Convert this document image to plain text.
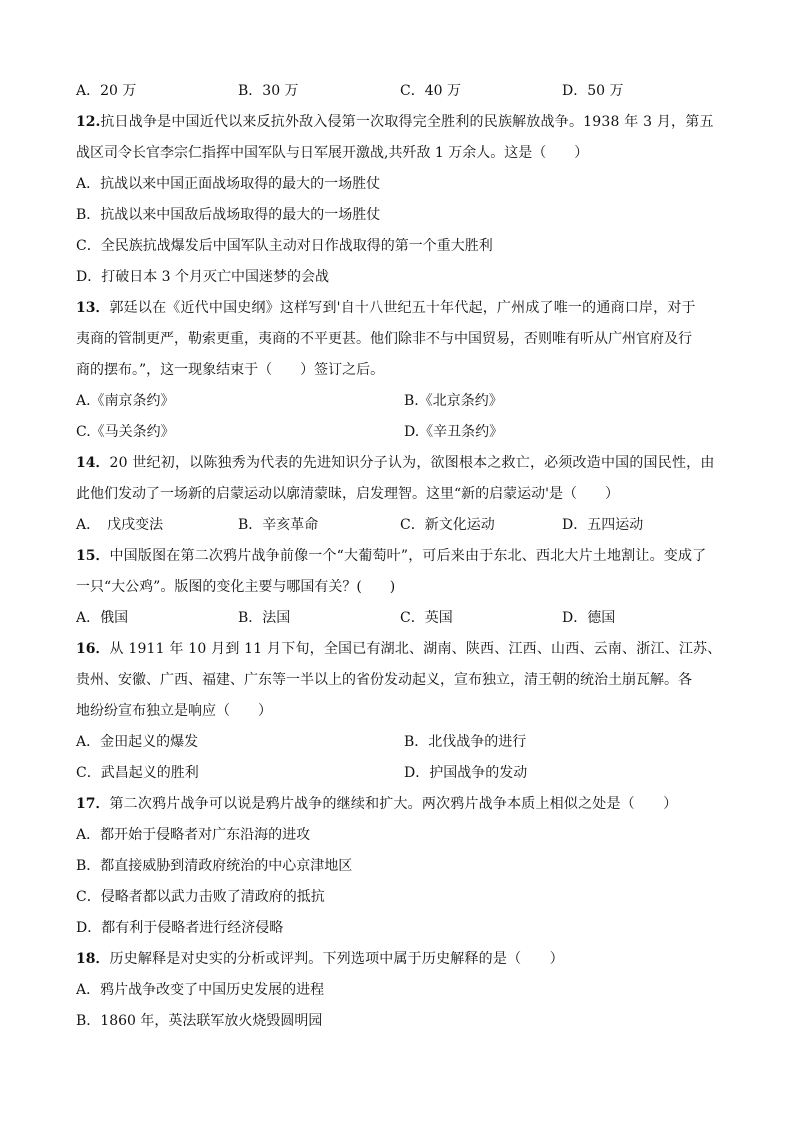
A．20 万	B．30 万	C．40 万	D．50 万
12.抗日战争是中国近代以来反抗外敌入侵第一次取得完全胜利的民族解放战争。1938 年 3 月，第五
战区司令长官李宗仁指挥中国军队与日军展开激战,共歼敌 1 万余人。这是（　　）
A．抗战以来中国正面战场取得的最大的一场胜仗
B．抗战以来中国敌后战场取得的最大的一场胜仗
C．全民族抗战爆发后中国军队主动对日作战取得的第一个重大胜利
D．打破日本 3 个月灭亡中国迷梦的会战
13．郭廷以在《近代中国史纲》这样写到'自十八世纪五十年代起，广州成了唯一的通商口岸，对于
夷商的管制更严，勒索更重，夷商的不平更甚。他们除非不与中国贸易，否则唯有听从广州官府及行
商的摆布。”，这一现象结束于（　　）签订之后。
A.《南京条约》	B.《北京条约》
C.《马关条约》	D.《辛丑条约》
14．20 世纪初，以陈独秀为代表的先进知识分子认为，欲图根本之救亡，必须改造中国的国民性，由
此他们发动了一场新的启蒙运动以廓清蒙昧，启发理智。这里“新的启蒙运动'是（　　）
A．　戊戌变法	B．辛亥革命	C．新文化运动	D．五四运动
15．中国版图在第二次鸦片战争前像一个“大葡萄叶”，可后来由于东北、西北大片土地割让。变成了
一只“大公鸡”。版图的变化主要与哪国有关？(　　)
A．俄国	B．法国	C．英国	D．德国
16．从 1911 年 10 月到 11 月下旬，全国已有湖北、湖南、陕西、江西、山西、云南、浙江、江苏、
贵州、安徽、广西、福建、广东等一半以上的省份发动起义，宣布独立，清王朝的统治土崩瓦解。各
地纷纷宣布独立是响应（　　）
A．金田起义的爆发	B．北伐战争的进行
C．武昌起义的胜利	D．护国战争的发动
17．第二次鸦片战争可以说是鸦片战争的继续和扩大。两次鸦片战争本质上相似之处是（　　）
A．都开始于侵略者对广东沿海的进攻
B．都直接威胁到清政府统治的中心京津地区
C．侵略者都以武力击败了清政府的抵抗
D．都有利于侵略者进行经济侵略
18．历史解释是对史实的分析或评判。下列选项中属于历史解释的是（　　）
A．鸦片战争改变了中国历史发展的进程
B．1860 年，英法联军放火烧毁圆明园
